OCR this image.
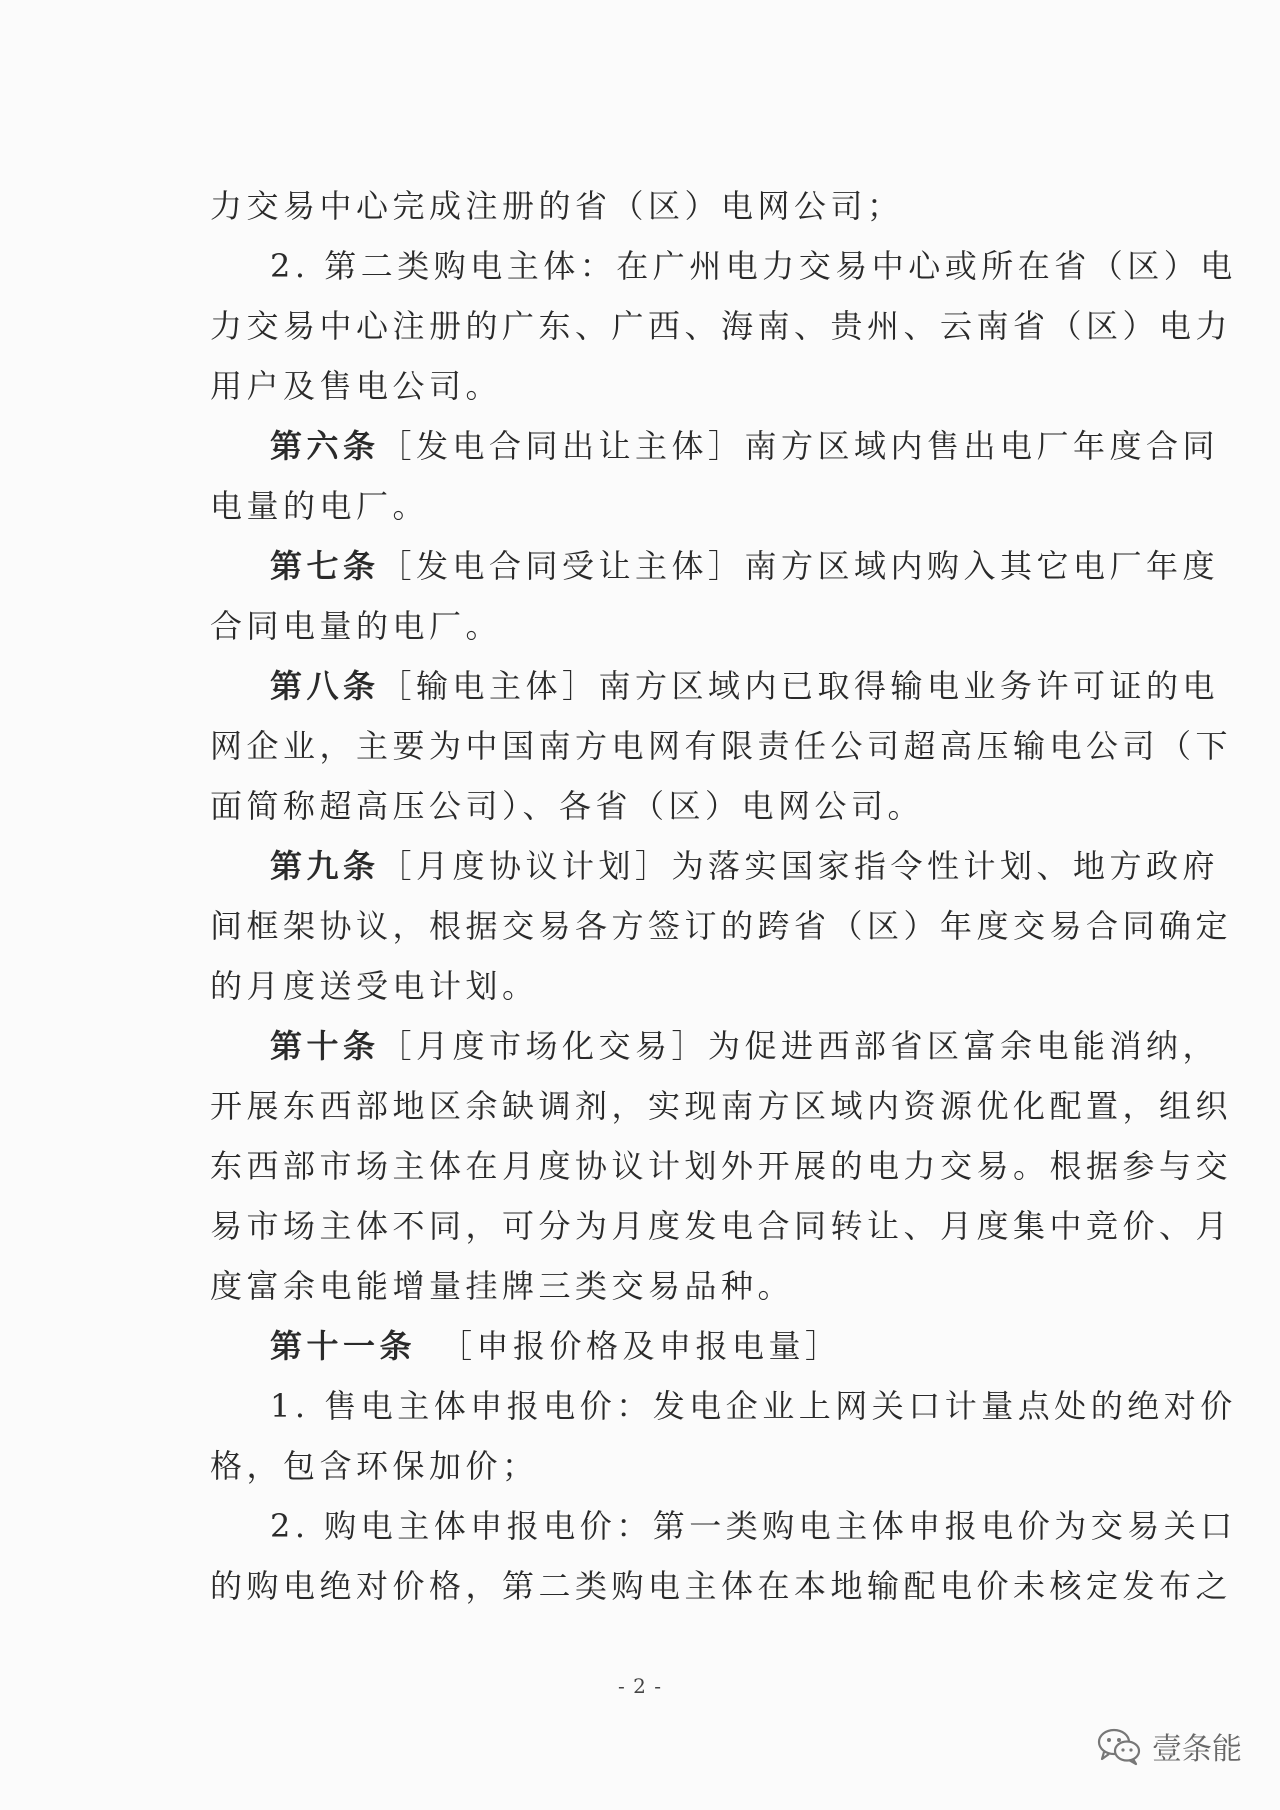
力交易中心完成注册的省（区）电网公司；
2. 第二类购电主体：在广州电力交易中心或所在省（区）电
力交易中心注册的广东、广西、海南、贵州、云南省（区）电力
用户及售电公司。
第六条［发电合同出让主体］南方区域内售出电厂年度合同
电量的电厂。
第七条［发电合同受让主体］南方区域内购入其它电厂年度
合同电量的电厂。
第八条［输电主体］南方区域内已取得输电业务许可证的电
网企业，主要为中国南方电网有限责任公司超高压输电公司（下
面简称超高压公司）、各省（区）电网公司。
第九条［月度协议计划］为落实国家指令性计划、地方政府
间框架协议，根据交易各方签订的跨省（区）年度交易合同确定
的月度送受电计划。
第十条［月度市场化交易］为促进西部省区富余电能消纳，
开展东西部地区余缺调剂，实现南方区域内资源优化配置，组织
东西部市场主体在月度协议计划外开展的电力交易。根据参与交
易市场主体不同，可分为月度发电合同转让、月度集中竞价、月
度富余电能增量挂牌三类交易品种。
第十一条 ［申报价格及申报电量］
1. 售电主体申报电价：发电企业上网关口计量点处的绝对价
格，包含环保加价；
2. 购电主体申报电价：第一类购电主体申报电价为交易关口
的购电绝对价格，第二类购电主体在本地输配电价未核定发布之
- 2 -
壹条能
